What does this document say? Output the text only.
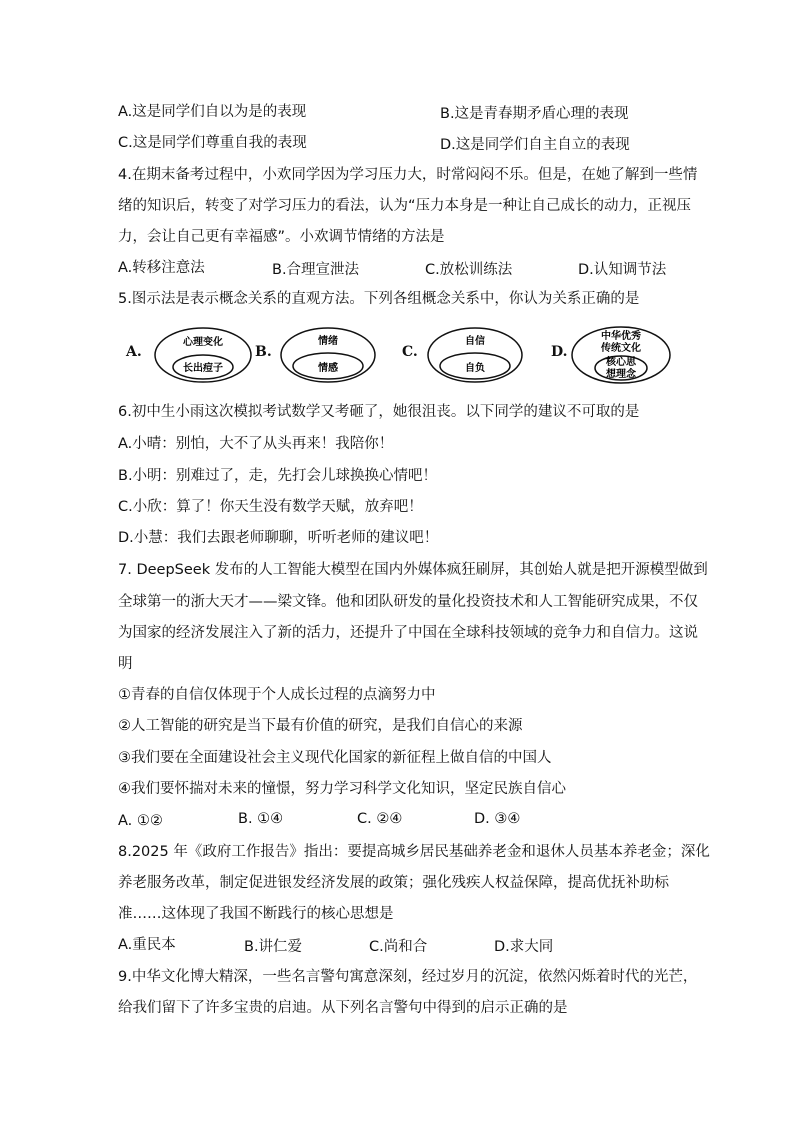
A.这是同学们自以为是的表现	B.这是青春期矛盾心理的表现
C.这是同学们尊重自我的表现	D.这是同学们自主自立的表现
4.在期末备考过程中，小欢同学因为学习压力大，时常闷闷不乐。但是，在她了解到一些情
绪的知识后，转变了对学习压力的看法，认为“压力本身是一种让自己成长的动力，正视压
力，会让自己更有幸福感”。小欢调节情绪的方法是
A.转移注意法	B.合理宣泄法	C.放松训练法	D.认知调节法
5.图示法是表示概念关系的直观方法。下列各组概念关系中，你认为关系正确的是
A.
心理变化
长出痘子
B.
情绪
情感
C.
自信
自负
D.
中华优秀
传统文化
核心思
想理念
6.初中生小雨这次模拟考试数学又考砸了，她很沮丧。以下同学的建议不可取的是
A.小晴：别怕，大不了从头再来！我陪你！
B.小明：别难过了，走，先打会儿球换换心情吧！
C.小欣：算了！你天生没有数学天赋，放弃吧！
D.小慧：我们去跟老师聊聊，听听老师的建议吧！
7. DeepSeek 发布的人工智能大模型在国内外媒体疯狂刷屏，其创始人就是把开源模型做到
全球第一的浙大天才——梁文锋。他和团队研发的量化投资技术和人工智能研究成果，不仅
为国家的经济发展注入了新的活力，还提升了中国在全球科技领域的竞争力和自信力。这说
明
①青春的自信仅体现于个人成长过程的点滴努力中
②人工智能的研究是当下最有价值的研究，是我们自信心的来源
③我们要在全面建设社会主义现代化国家的新征程上做自信的中国人
④我们要怀揣对未来的憧憬，努力学习科学文化知识，坚定民族自信心
A. ①②	B. ①④	C. ②④	D. ③④
8.2025 年《政府工作报告》指出：要提高城乡居民基础养老金和退休人员基本养老金；深化
养老服务改革，制定促进银发经济发展的政策；强化残疾人权益保障，提高优抚补助标
准……这体现了我国不断践行的核心思想是
A.重民本	B.讲仁爱	C.尚和合	D.求大同
9.中华文化博大精深，一些名言警句寓意深刻，经过岁月的沉淀，依然闪烁着时代的光芒，
给我们留下了许多宝贵的启迪。从下列名言警句中得到的启示正确的是
